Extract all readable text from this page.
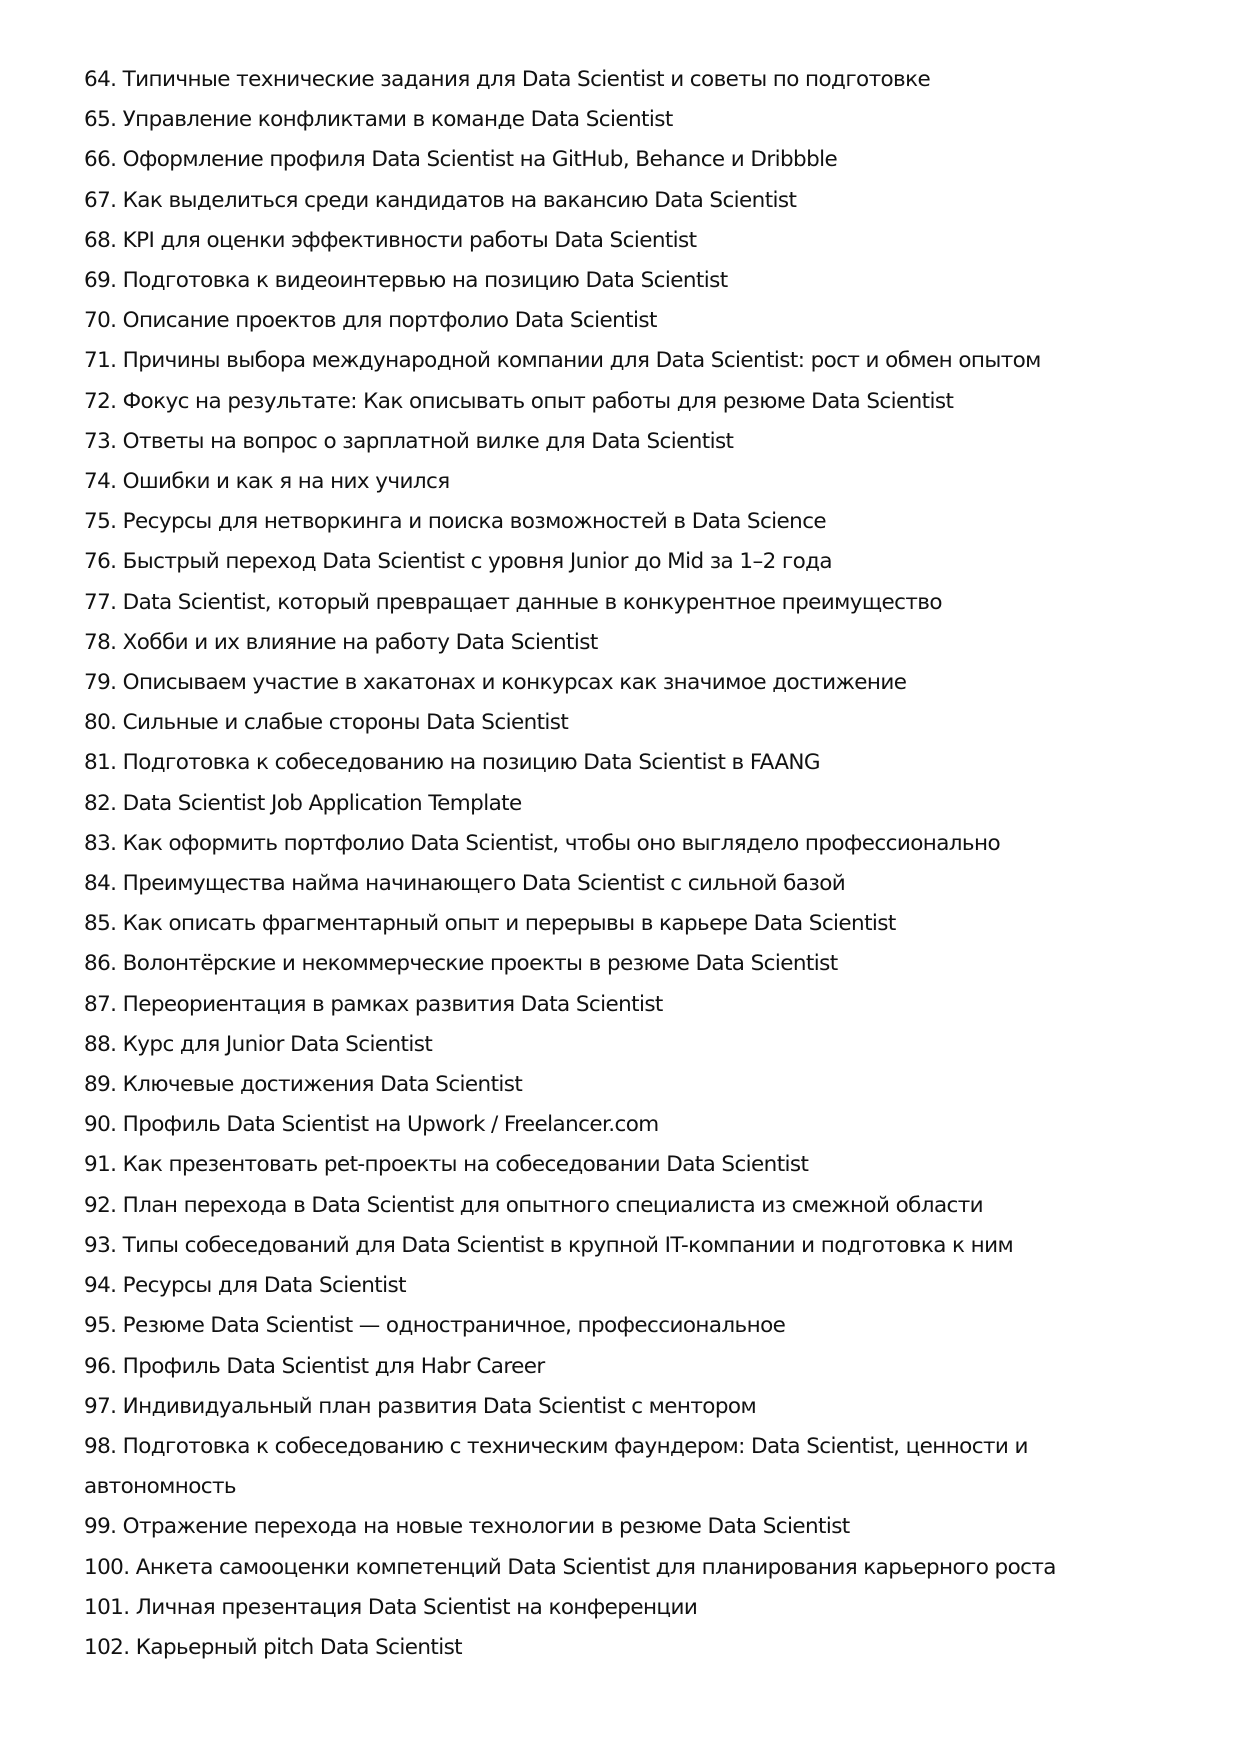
64. Типичные технические задания для Data Scientist и советы по подготовке
65. Управление конфликтами в команде Data Scientist
66. Оформление профиля Data Scientist на GitHub, Behance и Dribbble
67. Как выделиться среди кандидатов на вакансию Data Scientist
68. KPI для оценки эффективности работы Data Scientist
69. Подготовка к видеоинтервью на позицию Data Scientist
70. Описание проектов для портфолио Data Scientist
71. Причины выбора международной компании для Data Scientist: рост и обмен опытом
72. Фокус на результате: Как описывать опыт работы для резюме Data Scientist
73. Ответы на вопрос о зарплатной вилке для Data Scientist
74. Ошибки и как я на них учился
75. Ресурсы для нетворкинга и поиска возможностей в Data Science
76. Быстрый переход Data Scientist с уровня Junior до Mid за 1–2 года
77. Data Scientist, который превращает данные в конкурентное преимущество
78. Хобби и их влияние на работу Data Scientist
79. Описываем участие в хакатонах и конкурсах как значимое достижение
80. Сильные и слабые стороны Data Scientist
81. Подготовка к собеседованию на позицию Data Scientist в FAANG
82. Data Scientist Job Application Template
83. Как оформить портфолио Data Scientist, чтобы оно выглядело профессионально
84. Преимущества найма начинающего Data Scientist с сильной базой
85. Как описать фрагментарный опыт и перерывы в карьере Data Scientist
86. Волонтёрские и некоммерческие проекты в резюме Data Scientist
87. Переориентация в рамках развития Data Scientist
88. Курс для Junior Data Scientist
89. Ключевые достижения Data Scientist
90. Профиль Data Scientist на Upwork / Freelancer.com
91. Как презентовать pet-проекты на собеседовании Data Scientist
92. План перехода в Data Scientist для опытного специалиста из смежной области
93. Типы собеседований для Data Scientist в крупной IT-компании и подготовка к ним
94. Ресурсы для Data Scientist
95. Резюме Data Scientist — одностраничное, профессиональное
96. Профиль Data Scientist для Habr Career
97. Индивидуальный план развития Data Scientist с ментором
98. Подготовка к собеседованию с техническим фаундером: Data Scientist, ценности и автономность
99. Отражение перехода на новые технологии в резюме Data Scientist
100. Анкета самооценки компетенций Data Scientist для планирования карьерного роста
101. Личная презентация Data Scientist на конференции
102. Карьерный pitch Data Scientist
